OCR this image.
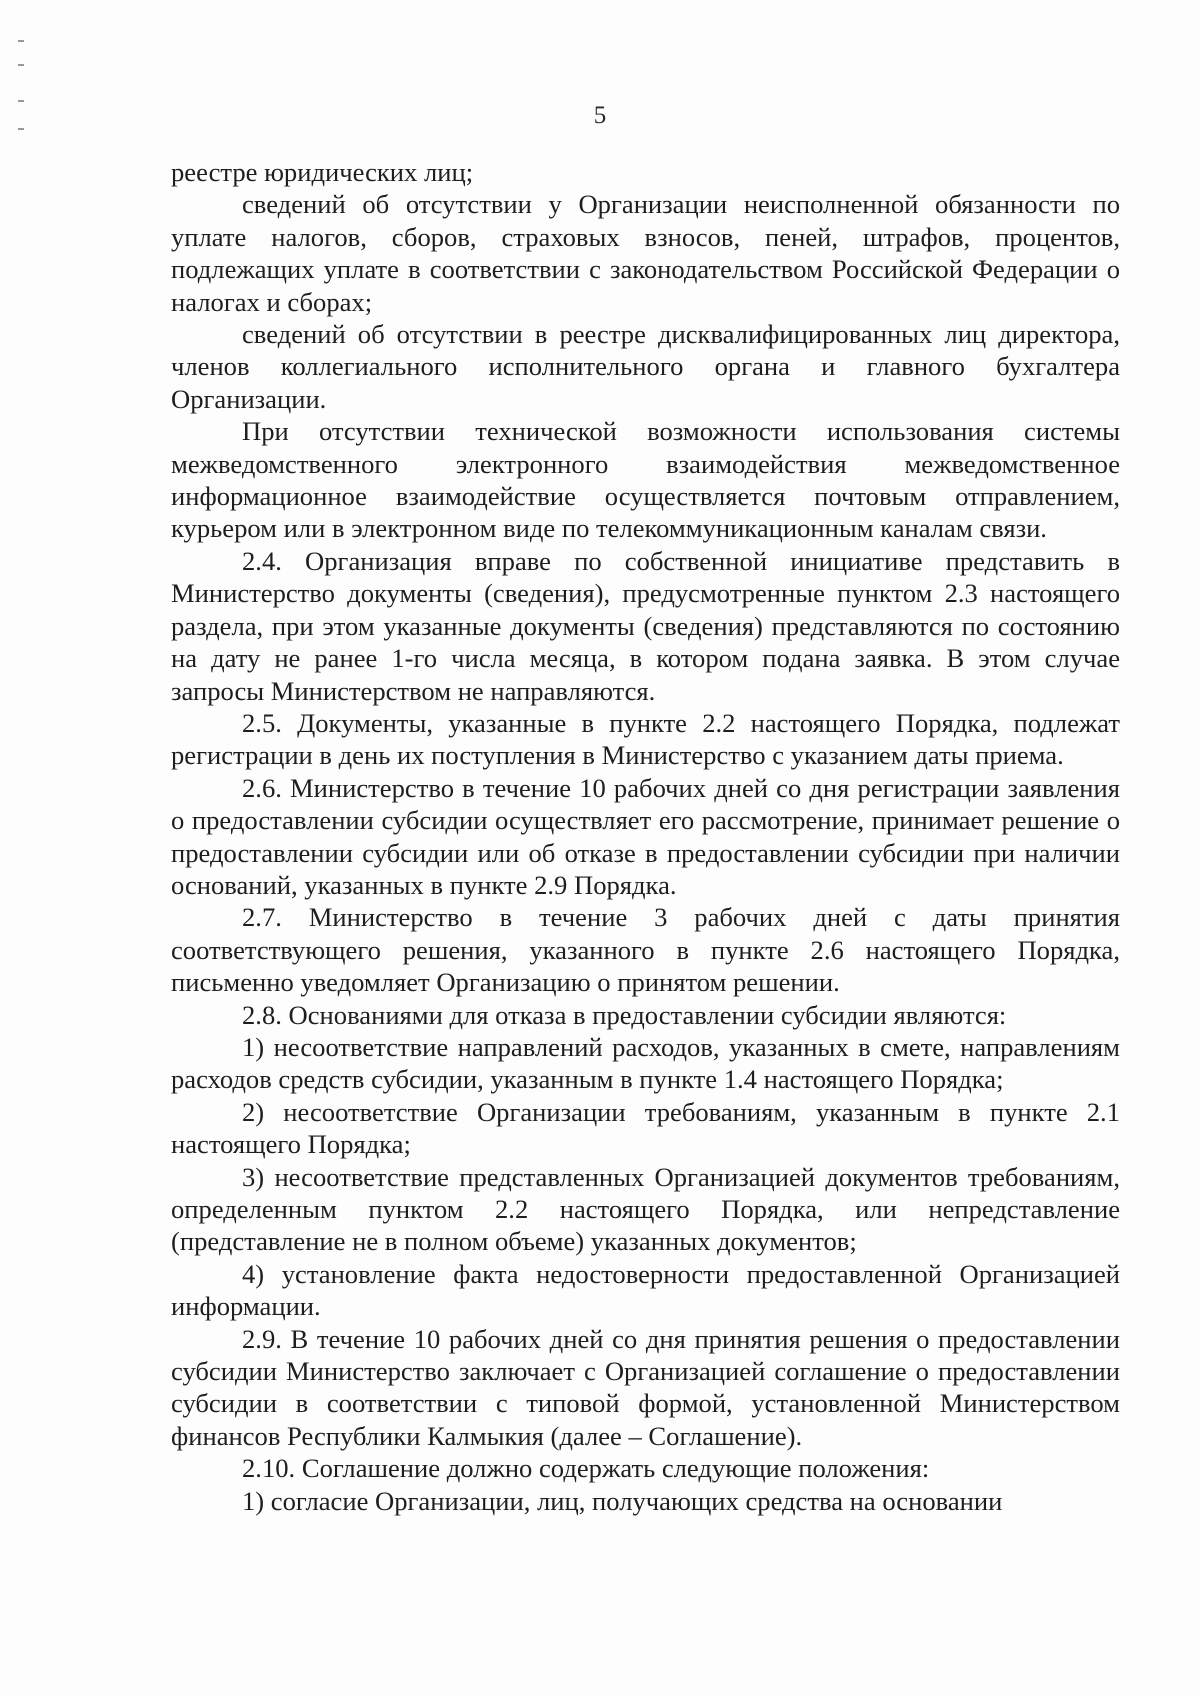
5

реестре юридических лиц;

сведений об отсутствии у Организации неисполненной обязанности по уплате налогов, сборов, страховых взносов, пеней, штрафов, процентов, подлежащих уплате в соответствии с законодательством Российской Федерации о налогах и сборах;

сведений об отсутствии в реестре дисквалифицированных лиц директора, членов коллегиального исполнительного органа и главного бухгалтера Организации.

При отсутствии технической возможности использования системы межведомственного электронного взаимодействия межведомственное информационное взаимодействие осуществляется почтовым отправлением, курьером или в электронном виде по телекоммуникационным каналам связи.

2.4. Организация вправе по собственной инициативе представить в Министерство документы (сведения), предусмотренные пунктом 2.3 настоящего раздела, при этом указанные документы (сведения) представляются по состоянию на дату не ранее 1-го числа месяца, в котором подана заявка. В этом случае запросы Министерством не направляются.

2.5. Документы, указанные в пункте 2.2 настоящего Порядка, подлежат регистрации в день их поступления в Министерство с указанием даты приема.

2.6. Министерство в течение 10 рабочих дней со дня регистрации заявления о предоставлении субсидии осуществляет его рассмотрение, принимает решение о предоставлении субсидии или об отказе в предоставлении субсидии при наличии оснований, указанных в пункте 2.9 Порядка.

2.7. Министерство в течение 3 рабочих дней с даты принятия соответствующего решения, указанного в пункте 2.6 настоящего Порядка, письменно уведомляет Организацию о принятом решении.

2.8. Основаниями для отказа в предоставлении субсидии являются:

1) несоответствие направлений расходов, указанных в смете, направлениям расходов средств субсидии, указанным в пункте 1.4 настоящего Порядка;

2) несоответствие Организации требованиям, указанным в пункте 2.1 настоящего Порядка;

3) несоответствие представленных Организацией документов требованиям, определенным пунктом 2.2 настоящего Порядка, или непредставление (представление не в полном объеме) указанных документов;

4) установление факта недостоверности предоставленной Организацией информации.

2.9. В течение 10 рабочих дней со дня принятия решения о предоставлении субсидии Министерство заключает с Организацией соглашение о предоставлении субсидии в соответствии с типовой формой, установленной Министерством финансов Республики Калмыкия (далее – Соглашение).

2.10. Соглашение должно содержать следующие положения:

1) согласие Организации, лиц, получающих средства на основании
